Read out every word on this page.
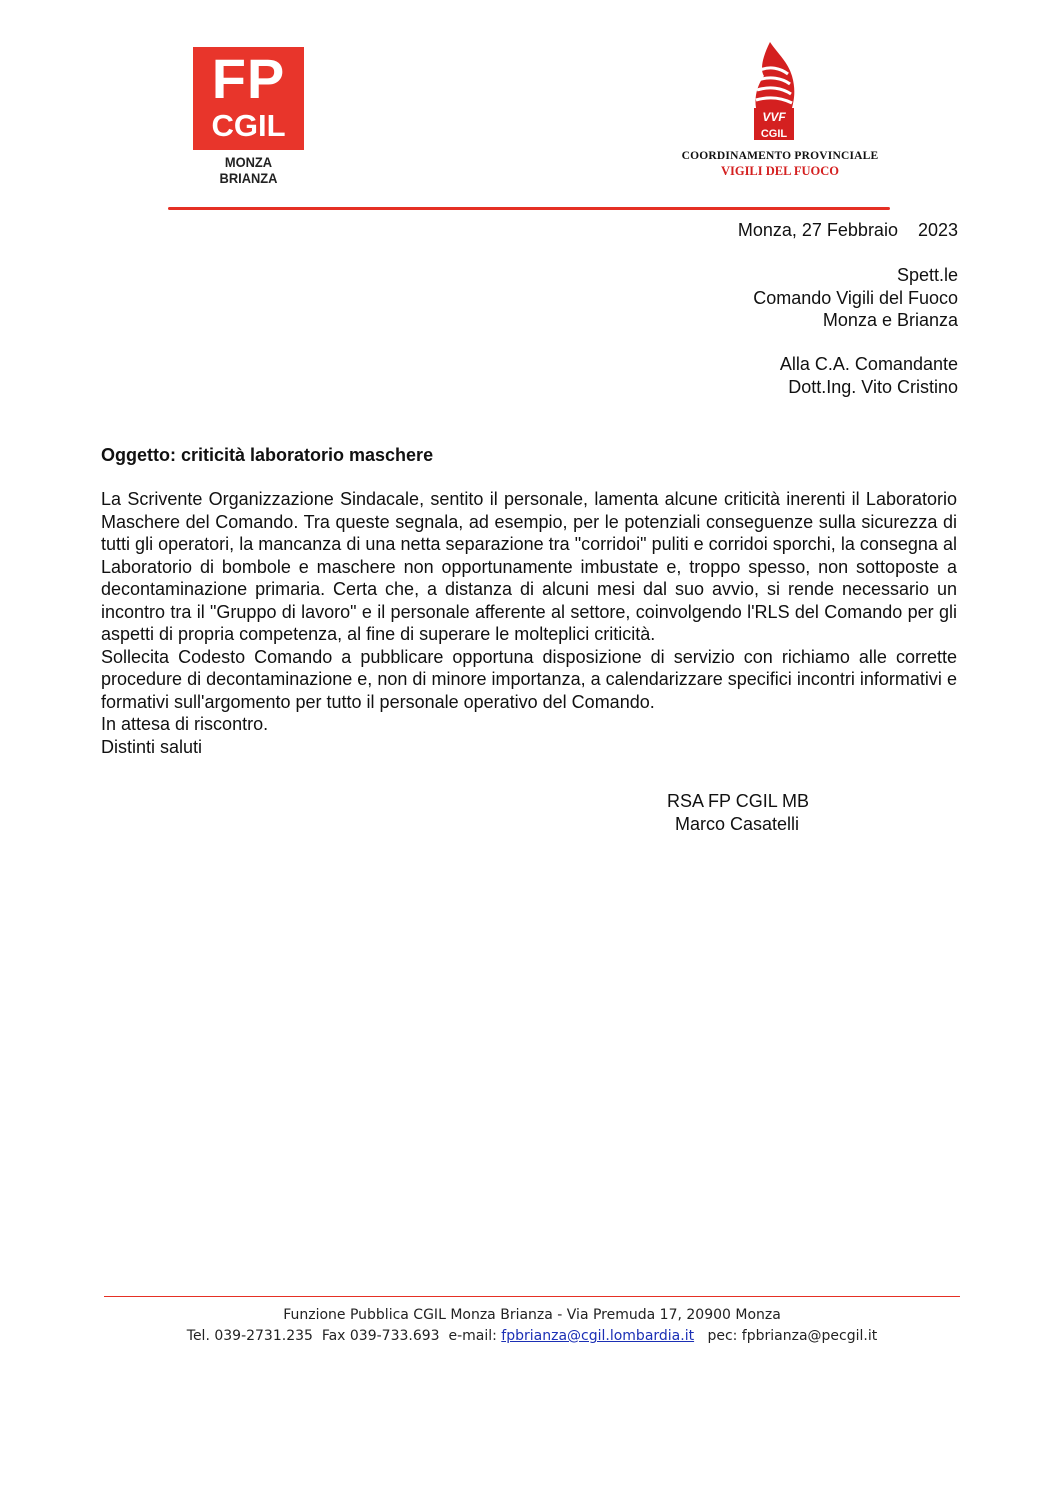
FP
CGIL
MONZA BRIANZA
VVF
CGIL
COORDINAMENTO PROVINCIALE
VIGILI DEL FUOCO
Monza, 27 Febbraio 2023
Spett.le
Comando Vigili del Fuoco
Monza e Brianza
Alla C.A. Comandante
Dott.Ing. Vito Cristino
Oggetto: criticità laboratorio maschere

La Scrivente Organizzazione Sindacale, sentito il personale, lamenta alcune criticità inerenti il Laboratorio Maschere del Comando. Tra queste segnala, ad esempio, per le potenziali conseguenze sulla sicurezza di tutti gli operatori, la mancanza di una netta separazione tra "corridoi" puliti e corridoi sporchi, la consegna al Laboratorio di bombole e maschere non opportunamente imbustate e, troppo spesso, non sottoposte a decontaminazione primaria. Certa che, a distanza di alcuni mesi dal suo avvio, si rende necessario un incontro tra il "Gruppo di lavoro" e il personale afferente al settore, coinvolgendo l'RLS del Comando per gli aspetti di propria competenza, al fine di superare le molteplici criticità.

Sollecita Codesto Comando a pubblicare opportuna disposizione di servizio con richiamo alle corrette procedure di decontaminazione e, non di minore importanza, a calendarizzare specifici incontri informativi e formativi sull'argomento per tutto il personale operativo del Comando.

In attesa di riscontro.

Distinti saluti

RSA FP CGIL MB
Marco Casatelli
Funzione Pubblica CGIL Monza Brianza - Via Premuda 17, 20900 Monza
Tel. 039-2731.235  Fax 039-733.693  e-mail: fpbrianza@cgil.lombardia.it   pec: fpbrianza@pecgil.it
